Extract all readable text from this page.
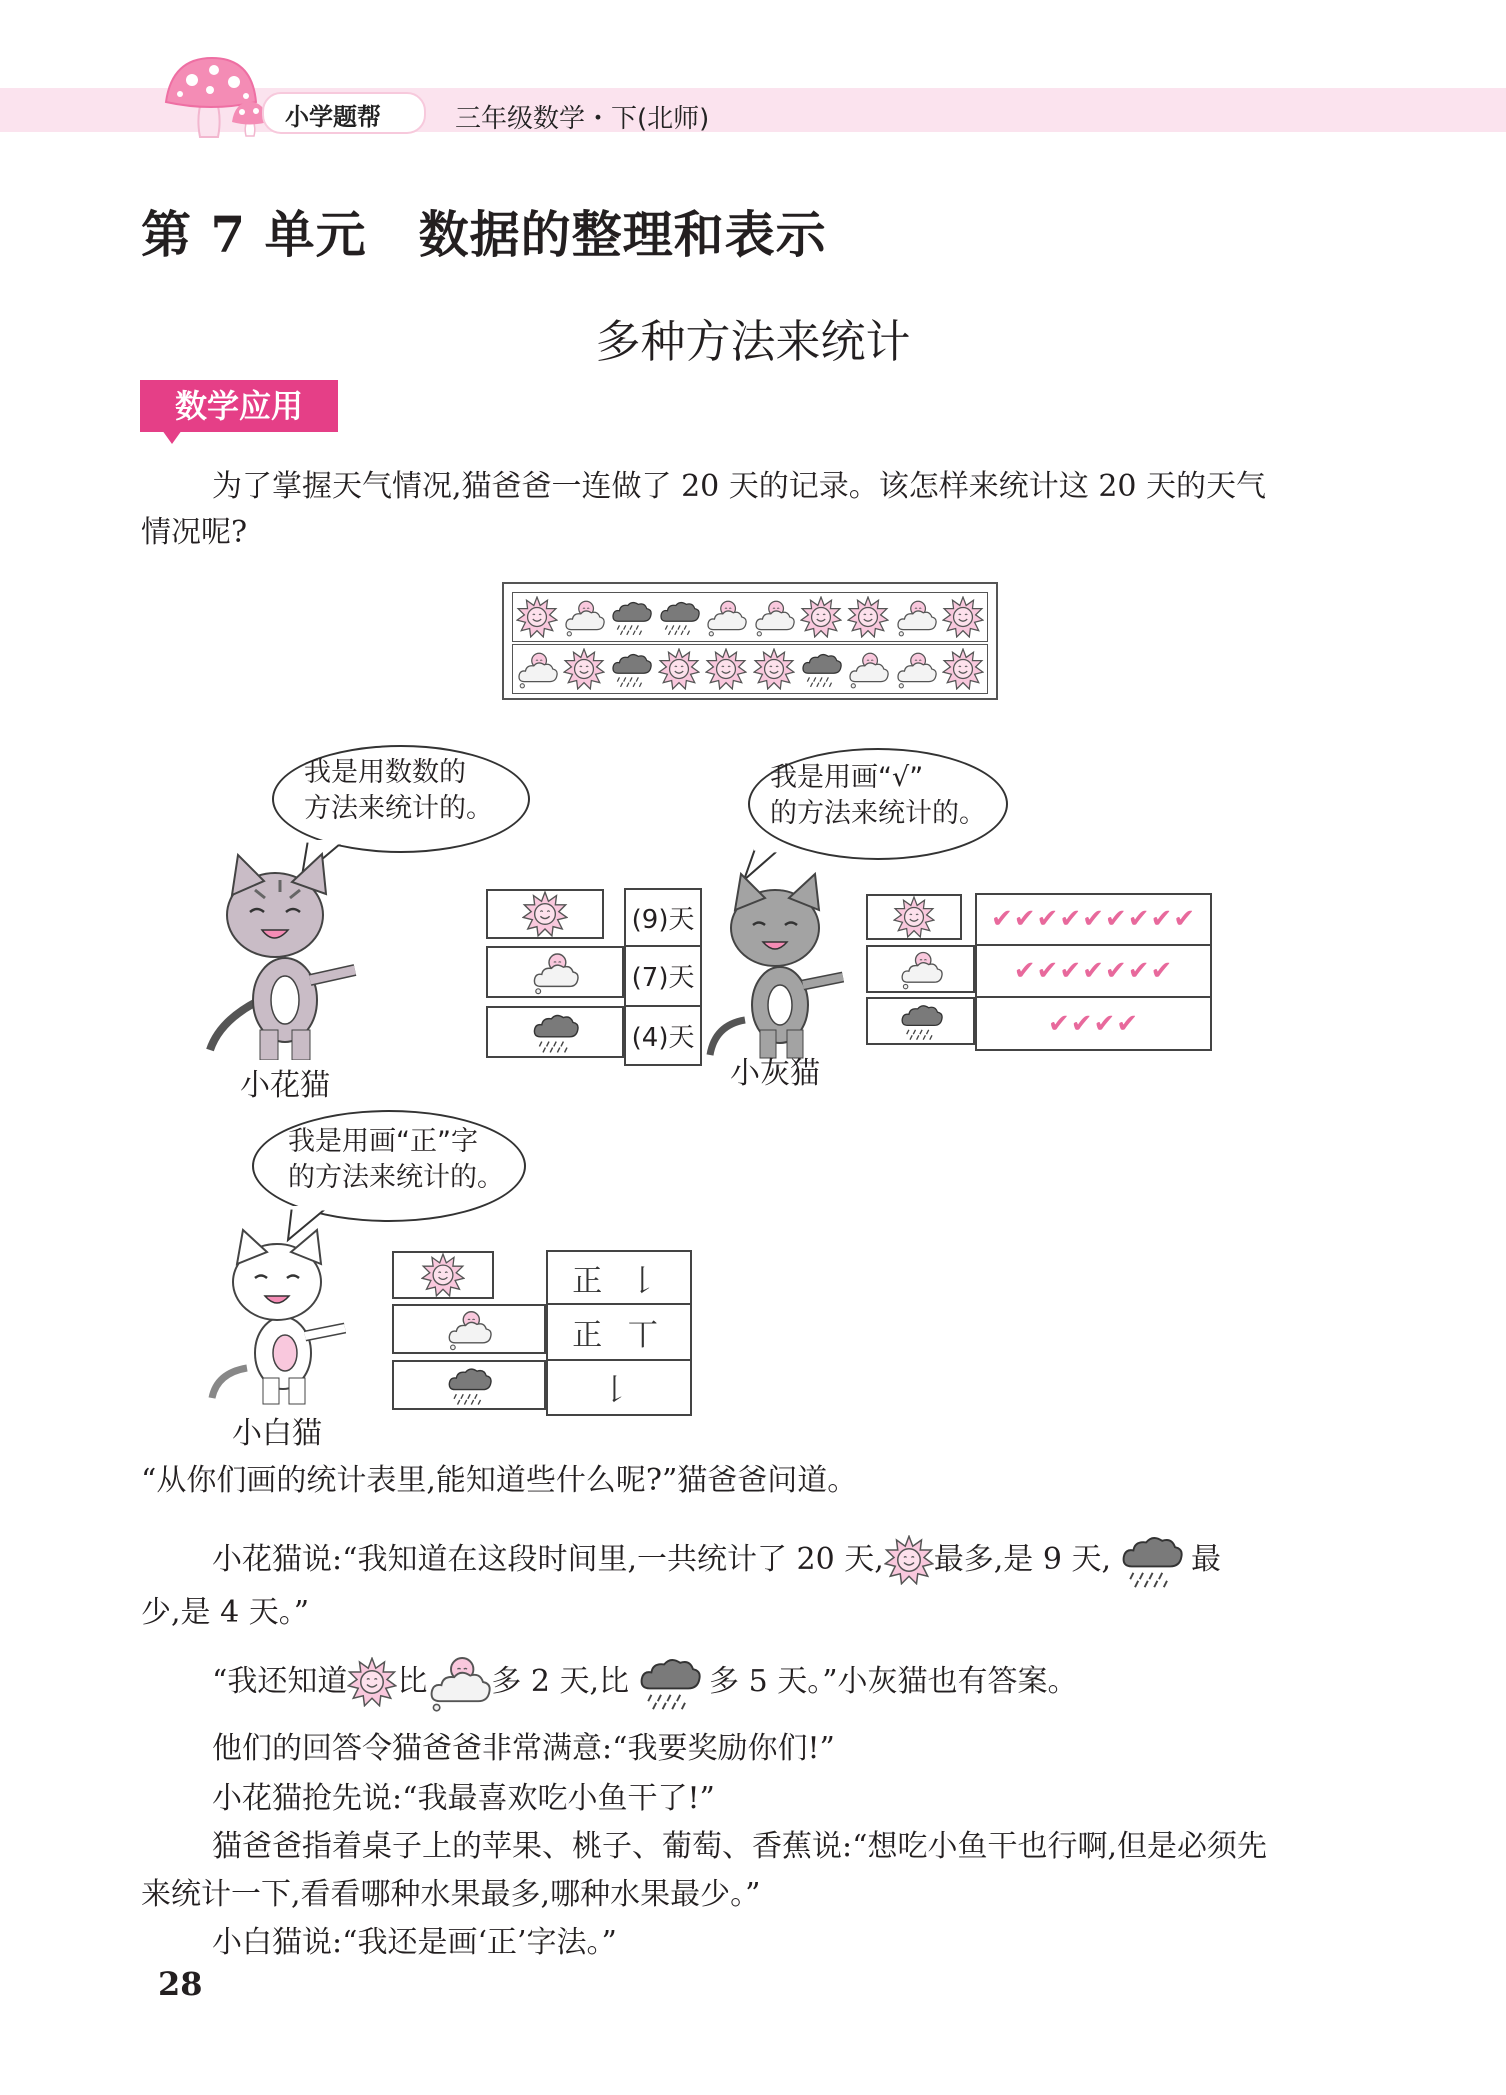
小学题帮	三年级数学・下(北师)
第 7 单元 数据的整理和表示
多种方法来统计
数学应用
为了掌握天气情况,猫爸爸一连做了 20 天的记录。该怎样来统计这 20 天的天气
情况呢?
我是用数数的
方法来统计的。
小花猫
(9)天

(7)天

(4)天
我是用画“√”
的方法来统计的。
小灰猫
✔✔✔✔✔✔✔✔✔

✔✔✔✔✔✔✔

✔✔✔✔
我是用画“正”字
的方法来统计的。
小白猫
正 𠄌

正 丅

𠄌
“从你们画的统计表里,能知道些什么呢?”猫爸爸问道。
小花猫说:“我知道在这段时间里,一共统计了 20 天, 最多,是 9 天,	最
少,是 4 天。”
“我还知道 比 多 2 天,比	多 5 天。”小灰猫也有答案。
他们的回答令猫爸爸非常满意:“我要奖励你们!”
小花猫抢先说:“我最喜欢吃小鱼干了!”
猫爸爸指着桌子上的苹果、桃子、葡萄、香蕉说:“想吃小鱼干也行啊,但是必须先
来统计一下,看看哪种水果最多,哪种水果最少。”
小白猫说:“我还是画‘正’字法。”
28
